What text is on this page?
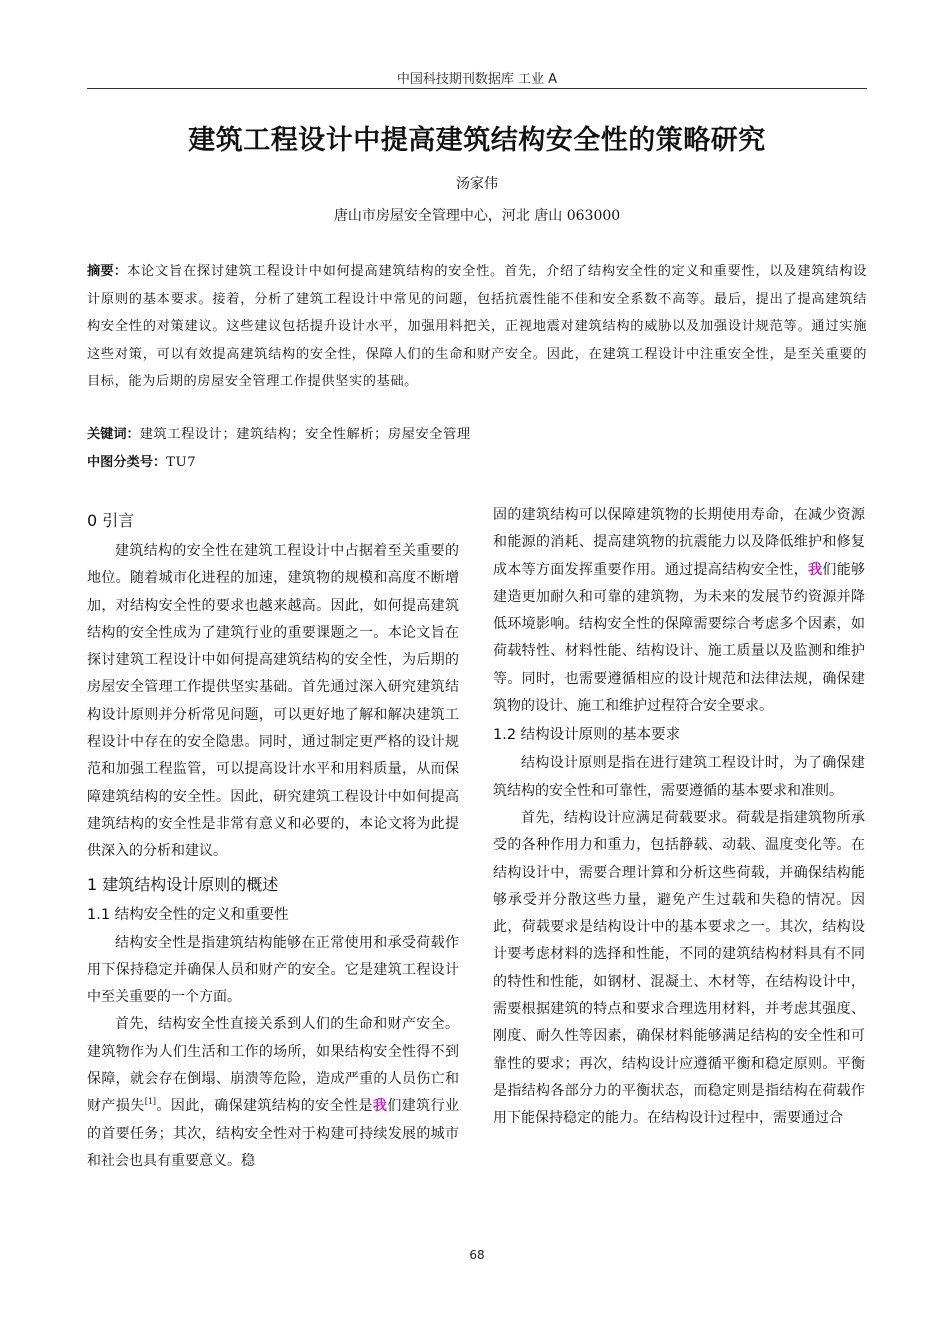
中国科技期刊数据库 工业 A
建筑工程设计中提高建筑结构安全性的策略研究
汤家伟
唐山市房屋安全管理中心，河北 唐山 063000
摘要：本论文旨在探讨建筑工程设计中如何提高建筑结构的安全性。首先，介绍了结构安全性的定义和重要性，以及建筑结构设计原则的基本要求。接着，分析了建筑工程设计中常见的问题，包括抗震性能不佳和安全系数不高等。最后，提出了提高建筑结构安全性的对策建议。这些建议包括提升设计水平，加强用料把关，正视地震对建筑结构的威胁以及加强设计规范等。通过实施这些对策，可以有效提高建筑结构的安全性，保障人们的生命和财产安全。因此，在建筑工程设计中注重安全性，是至关重要的目标，能为后期的房屋安全管理工作提供坚实的基础。
关键词：建筑工程设计；建筑结构；安全性解析；房屋安全管理
中图分类号：TU7
0 引言

建筑结构的安全性在建筑工程设计中占据着至关重要的地位。随着城市化进程的加速，建筑物的规模和高度不断增加，对结构安全性的要求也越来越高。因此，如何提高建筑结构的安全性成为了建筑行业的重要课题之一。本论文旨在探讨建筑工程设计中如何提高建筑结构的安全性，为后期的房屋安全管理工作提供坚实基础。首先通过深入研究建筑结构设计原则并分析常见问题，可以更好地了解和解决建筑工程设计中存在的安全隐患。同时，通过制定更严格的设计规范和加强工程监管，可以提高设计水平和用料质量，从而保障建筑结构的安全性。因此，研究建筑工程设计中如何提高建筑结构的安全性是非常有意义和必要的，本论文将为此提供深入的分析和建议。

1 建筑结构设计原则的概述
1.1 结构安全性的定义和重要性

结构安全性是指建筑结构能够在正常使用和承受荷载作用下保持稳定并确保人员和财产的安全。它是建筑工程设计中至关重要的一个方面。

首先，结构安全性直接关系到人们的生命和财产安全。建筑物作为人们生活和工作的场所，如果结构安全性得不到保障，就会存在倒塌、崩溃等危险，造成严重的人员伤亡和财产损失[1]。因此，确保建筑结构的安全性是我们建筑行业的首要任务；其次，结构安全性对于构建可持续发展的城市和社会也具有重要意义。稳

固的建筑结构可以保障建筑物的长期使用寿命，在减少资源和能源的消耗、提高建筑物的抗震能力以及降低维护和修复成本等方面发挥重要作用。通过提高结构安全性，我们能够建造更加耐久和可靠的建筑物，为未来的发展节约资源并降低环境影响。结构安全性的保障需要综合考虑多个因素，如荷载特性、材料性能、结构设计、施工质量以及监测和维护等。同时，也需要遵循相应的设计规范和法律法规，确保建筑物的设计、施工和维护过程符合安全要求。

1.2 结构设计原则的基本要求

结构设计原则是指在进行建筑工程设计时，为了确保建筑结构的安全性和可靠性，需要遵循的基本要求和准则。

首先，结构设计应满足荷载要求。荷载是指建筑物所承受的各种作用力和重力，包括静载、动载、温度变化等。在结构设计中，需要合理计算和分析这些荷载，并确保结构能够承受并分散这些力量，避免产生过载和失稳的情况。因此，荷载要求是结构设计中的基本要求之一。其次，结构设计要考虑材料的选择和性能，不同的建筑结构材料具有不同的特性和性能，如钢材、混凝土、木材等，在结构设计中，需要根据建筑的特点和要求合理选用材料，并考虑其强度、刚度、耐久性等因素，确保材料能够满足结构的安全性和可靠性的要求；再次，结构设计应遵循平衡和稳定原则。平衡是指结构各部分力的平衡状态，而稳定则是指结构在荷载作用下能保持稳定的能力。在结构设计过程中，需要通过合

68
